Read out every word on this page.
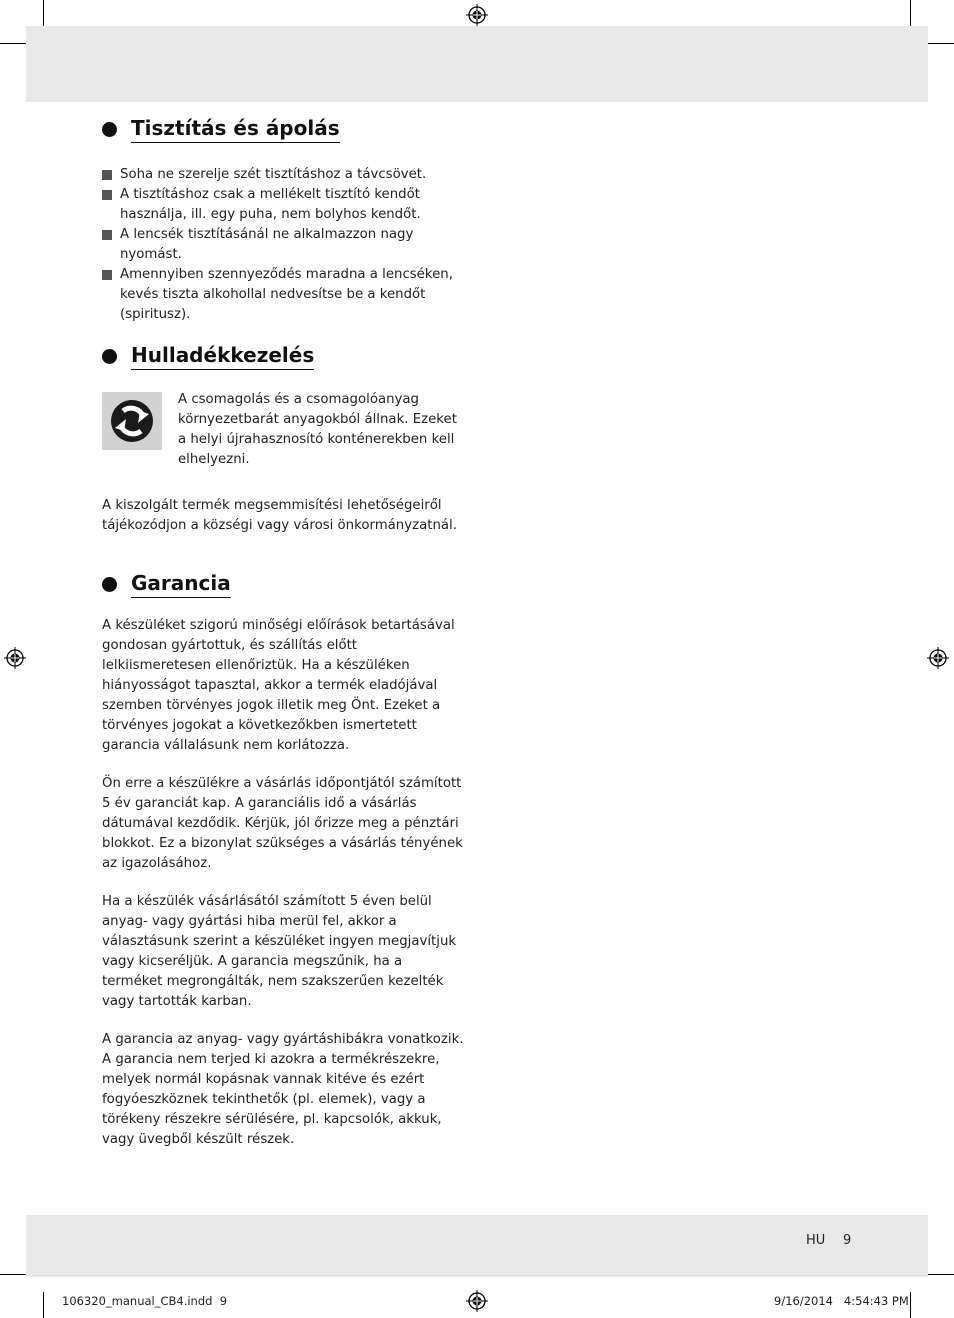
Tisztítás és ápolás
Soha ne szerelje szét tisztításhoz a távcsövet.
A tisztításhoz csak a mellékelt tisztító kendőt használja, ill. egy puha, nem bolyhos kendőt.
A lencsék tisztításánál ne alkalmazzon nagy nyomást.
Amennyiben szennyeződés maradna a lencséken, kevés tiszta alkohollal nedvesítse be a kendőt (spiritusz).
Hulladékkezelés

A csomagolás és a csomagolóanyag környezetbarát anyagokból állnak. Ezeket a helyi újrahasznosító konténerekben kell elhelyezni.

A kiszolgált termék megsemmisítési lehetőségeiről tájékozódjon a községi vagy városi önkormányzatnál.

Garancia

A készüléket szigorú minőségi előírások betartásával gondosan gyártottuk, és szállítás előtt lelkiismeretesen ellenőriztük. Ha a készüléken hiányosságot tapasztal, akkor a termék eladójával szemben törvényes jogok illetik meg Önt. Ezeket a törvényes jogokat a következőkben ismertetett garancia vállalásunk nem korlátozza.

Ön erre a készülékre a vásárlás időpontjától számított 5 év garanciát kap. A garanciális idő a vásárlás dátumával kezdődik. Kérjük, jól őrizze meg a pénztári blokkot. Ez a bizonylat szükséges a vásárlás tényének az igazolásához.

Ha a készülék vásárlásától számított 5 éven belül anyag- vagy gyártási hiba merül fel, akkor a választásunk szerint a készüléket ingyen megjavítjuk vagy kicseréljük. A garancia megszűnik, ha a terméket megrongálták, nem szakszerűen kezelték vagy tartották karban.

A garancia az anyag- vagy gyártáshibákra vonatkozik. A garancia nem terjed ki azokra a termékrészekre, melyek normál kopásnak vannak kitéve és ezért fogyóeszköznek tekinthetők (pl. elemek), vagy a törékeny részekre sérülésére, pl. kapcsolók, akkuk, vagy üvegből készült részek.

HU 9
106320_manual_CB4.indd 9	9/16/2014   4:54:43 PM
